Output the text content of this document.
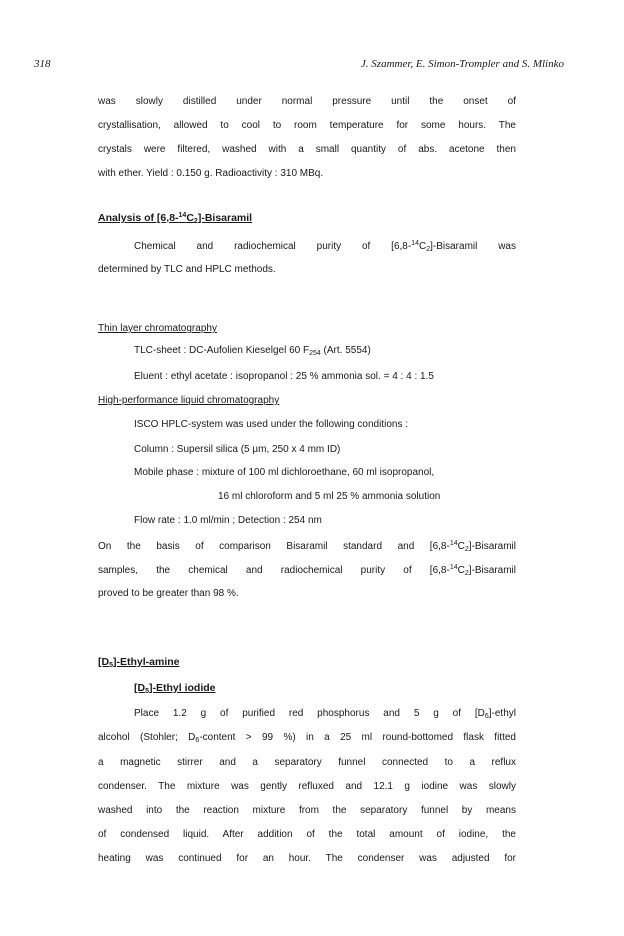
318	J. Szammer, E. Simon-Trompler and S. Mlinko
was slowly distilled under normal pressure until the onset of
crystallisation, allowed to cool to room temperature for some hours. The
crystals were filtered, washed with a small quantity of abs. acetone then
with ether. Yield : 0.150 g. Radioactivity : 310 MBq.
Analysis of $[6,8-^{14}C_2]$-Bisaramil
Chemical and radiochemical purity of $[6,8-^{14}C_2]$-Bisaramil was
determined by TLC and HPLC methods.
Thin layer chromatography
TLC-sheet : DC-Aufolien Kieselgel 60 $F_{254}$ (Art. 5554)
Eluent : ethyl acetate : isopropanol : 25 % ammonia sol. = 4 : 4 : 1.5
High-performance liquid chromatography
ISCO HPLC-system was used under the following conditions :
Column : Supersil silica (5 µm, 250 x 4 mm ID)
Mobile phase : mixture of 100 ml dichloroethane, 60 ml isopropanol,
16 ml chloroform and 5 ml 25 % ammonia solution
Flow rate : 1.0 ml/min ; Detection : 254 nm
On the basis of comparison Bisaramil standard and $[6,8-^{14}C_2]$-Bisaramil
samples, the chemical and radiochemical purity of $[6,8-^{14}C_2]$-Bisaramil
proved to be greater than 98 %.
$[D_5]-Ethyl$-amine
$[D_5]$-Ethyl iodide
Place 1.2 g of purified red phosphorus and 5 g of $[D_6]$-ethyl
alcohol (Stohler; $D_6$-content > 99 %) in a 25 ml round-bottomed flask fitted
a magnetic stirrer and a separatory funnel connected to a reflux
condenser. The mixture was gently refluxed and 12.1 g iodine was slowly
washed into the reaction mixture from the separatory funnel by means
of condensed liquid. After addition of the total amount of iodine, the
heating was continued for an hour. The condenser was adjusted for
